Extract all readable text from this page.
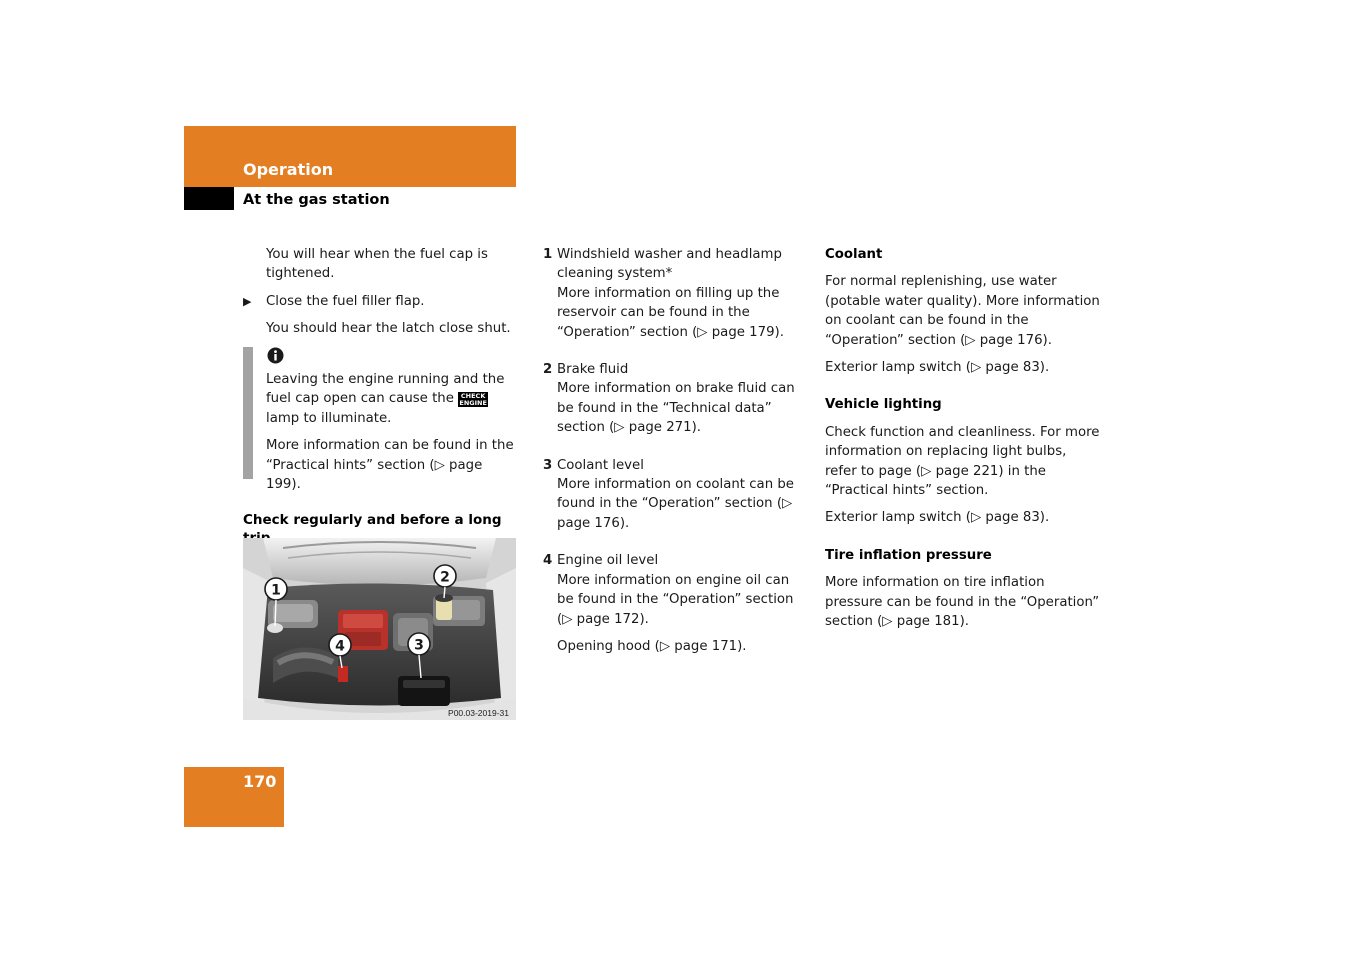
Operation
At the gas station

You will hear when the fuel cap is tightened.

▶ Close the fuel filler flap.

You should hear the latch close shut.

Leaving the engine running and the fuel cap open can cause the CHECK
ENGINE lamp to illuminate.

More information can be found in the “Practical hints” section (▷ page 199).

Check regularly and before a long
1
2
3
4
P00.03-2019-31
1 Windshield washer and headlamp cleaning system*

More information on filling up the reservoir can be found in the “Operation” section (▷ page 179).

2 Brake fluid

More information on brake fluid can be found in the “Technical data” section (▷ page 271).

3 Coolant level

More information on coolant can be found in the “Operation” section (▷ page 176).

4 Engine oil level

More information on engine oil can be found in the “Operation” section (▷ page 172).

Opening hood (▷ page 171).

Coolant

For normal replenishing, use water (potable water quality). More information on coolant can be found in the “Operation” section (▷ page 176).

Exterior lamp switch (▷ page 83).

Vehicle lighting

Check function and cleanliness. For more information on replacing light bulbs, refer to page (▷ page 221) in the “Practical hints” section.

Exterior lamp switch (▷ page 83).

Tire inflation pressure

More information on tire inflation pressure can be found in the “Operation” section (▷ page 181).

170
